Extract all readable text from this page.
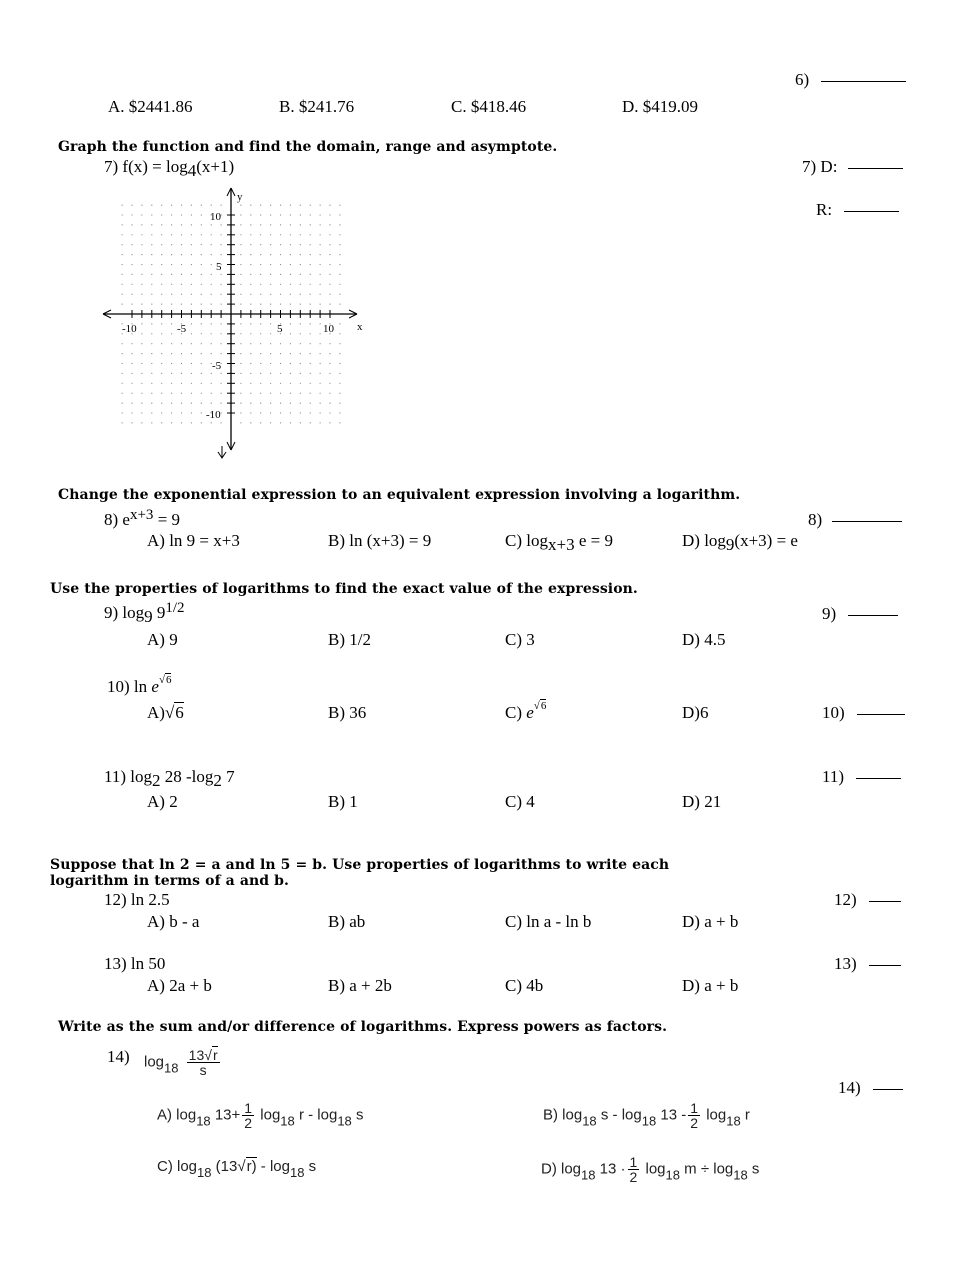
6)
A. $2441.86	B. $241.76	C. $418.46	D. $419.09
Graph the function and find the domain, range and asymptote.
7) f(x) = log4(x+1)	7) D:
R:
x
y
-10	-5	5	10
10
5
-5
-10
Change the exponential expression to an equivalent expression involving a logarithm.
8) $e^{x+3} = 9$	8)
A) ln 9 = x+3	B) ln (x+3) = 9	C) logx+3 e = 9	D) log9(x+3) = e
Use the properties of logarithms to find the exact value of the expression.
9) log9 $9^{1/2}$	9)
A) 9	B) 1/2	C) 3	D) 4.5
10) $\ln e^{√6}$
10)
A)√6	B) 36	C) $e^{√6}$	D)6
11) log2 28 -log2 7	11)
A) 2	B) 1	C) 4	D) 21
Suppose that ln 2 = a and ln 5 = b. Use properties of logarithms to write each
logarithm in terms of a and b.
12) ln 2.5	12)
A) b - a	B) ab	C) ln a - ln b	D) a + b
13) ln 50	13)
A) 2a + b	B) a + 2b	C) 4b	D) a + b
Write as the sum and/or difference of logarithms. Express powers as factors.
14) $\log 18 \frac{13√r}{s}$
14)
A) log18 $13+ \frac{1}{2} \log 18$ r - log18 s	B) log18 s - log18 $13 - \frac{1}{2} \log 18$ r
C) log18 (13√r) - log18 s	D) log18 $13 \cdot \frac{1}{2} \log 18$ m ÷ log18 s
